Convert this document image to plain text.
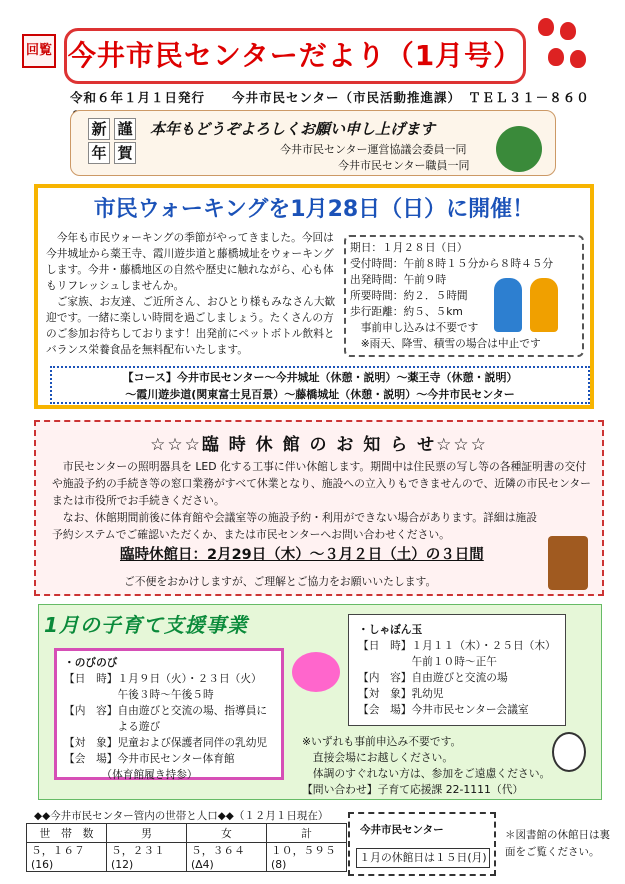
回覧 今井市民センターだより（1月号）
令和６年１月１日発行　　今井市民センター（市民活動推進課）　ＴＥＬ３１－８６０
新 謹
年 賀
本年もどうぞよろしくお願い申し上げます
今井市民センター運営協議会委員一同
今井市民センター職員一同
市民ウォーキングを1月28日（日）に開催！

今年も市民ウォーキングの季節がやってきました。今回は今井城址から薬王寺、霞川遊歩道と藤橋城址をウォーキングします。今井・藤橋地区の自然や歴史に触れながら、心も体もリフレッシュしませんか。

ご家族、お友達、ご近所さん、おひとり様もみなさん大歓迎です。一緒に楽しい時間を過ごしましょう。たくさんの方のご参加お待ちしております！出発前にペットボトル飲料とバランス栄養食品を無料配布いたします。

期日：１月２８日（日）
受付時間：午前８時１５分から８時４５分
出発時間：午前９時
所要時間：約２．５時間
歩行距離：約５、５km
　事前申し込みは不要です
　※雨天、降雪、積雪の場合は中止です
【コース】今井市民センター～今井城址（休憩・説明）～薬王寺（休憩・説明）
～霞川遊歩道(関東富士見百景）～藤橋城址（休憩・説明）～今井市民センター
☆☆☆臨 時 休 館 の お 知 ら せ☆☆☆

市民センターの照明器具を LED 化する工事に伴い休館します。期間中は住民票の写し等の各種証明書の交付や施設予約の手続き等の窓口業務がすべて休業となり、施設への立入りもできませんので、近隣の市民センターまたは市役所でお手続きください。

なお、休館期間前後に体育館や会議室等の施設予約・利用ができない場合があります。詳細は施設予約システムでご確認いただくか、または市民センターへお問い合わせください。

臨時休館日：2月29日（木）～３月２日（土）の３日間
ご不便をおかけしますが、ご理解とご協力をお願いいたします。
1月の子育て支援事業
・のびのび
【日　時】１月９日（火）・２３日（火）
　　　　　午後３時～午後５時
【内　容】自由遊びと交流の場、指導員に
　　　　　よる遊び
【対　象】児童および保護者同伴の乳幼児
【会　場】今井市民センター体育館
　　　　（体育館履き持参）
・しゃぼん玉
【日　時】１月１１（木）・２５日（木）
　　　　　午前１０時～正午
【内　容】自由遊びと交流の場
【対　象】乳幼児
【会　場】今井市民センター会議室
※いずれも事前申込み不要です。
　直接会場にお越しください。
　体調のすぐれない方は、参加をご遠慮ください。
【問い合わせ】子育て応援課 22-1111（代）
◆◆今井市民センター管内の世帯と人口◆◆（１２月１日現在）
世　帯　数	男	女	計
５，１６７(16)	５，２３１(12)	５，３６４(Δ4)	１０，５９５(8)
今井市民センター
１月の休館日は１５日(月)
＊図書館の休館日は裏面をご覧ください。
